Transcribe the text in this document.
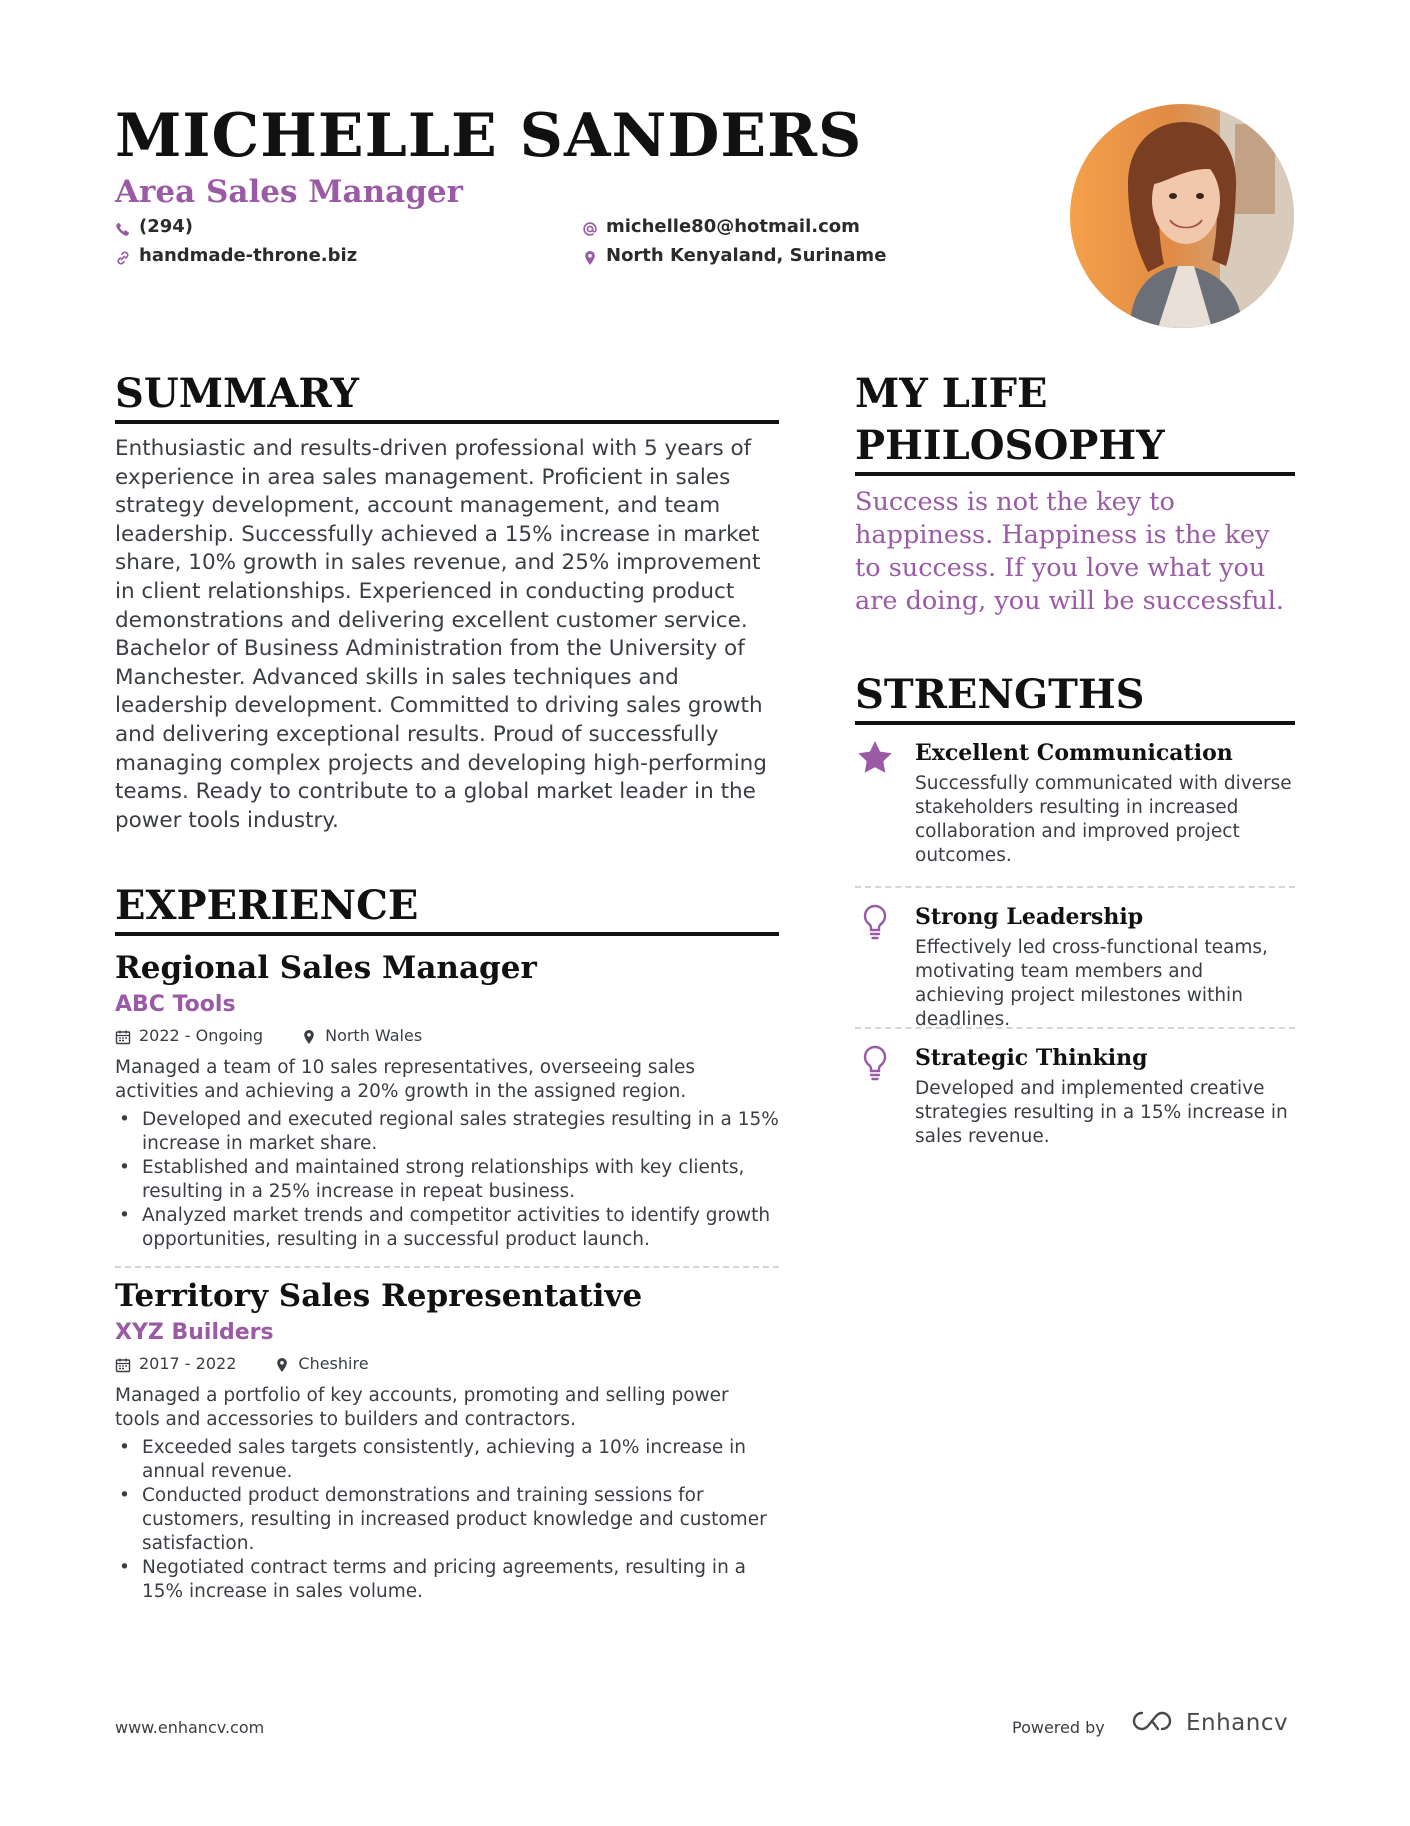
MICHELLE SANDERS
Area Sales Manager
(294)
handmade-throne.biz
michelle80@hotmail.com
North Kenyaland, Suriname
SUMMARY

Enthusiastic and results-driven professional with 5 years of experience in area sales management. Proficient in sales strategy development, account management, and team leadership. Successfully achieved a 15% increase in market share, 10% growth in sales revenue, and 25% improvement in client relationships. Experienced in conducting product demonstrations and delivering excellent customer service. Bachelor of Business Administration from the University of Manchester. Advanced skills in sales techniques and leadership development. Committed to driving sales growth and delivering exceptional results. Proud of successfully managing complex projects and developing high-performing teams. Ready to contribute to a global market leader in the power tools industry.

EXPERIENCE
Regional Sales Manager
ABC Tools
2022 - Ongoing	North Wales

Managed a team of 10 sales representatives, overseeing sales activities and achieving a 20% growth in the assigned region.

• Developed and executed regional sales strategies resulting in a 15% increase in market share.
• Established and maintained strong relationships with key clients, resulting in a 25% increase in repeat business.
• Analyzed market trends and competitor activities to identify growth opportunities, resulting in a successful product launch.
Territory Sales Representative
XYZ Builders
2017 - 2022	Cheshire

Managed a portfolio of key accounts, promoting and selling power tools and accessories to builders and contractors.

• Exceeded sales targets consistently, achieving a 10% increase in annual revenue.
• Conducted product demonstrations and training sessions for customers, resulting in increased product knowledge and customer satisfaction.
• Negotiated contract terms and pricing agreements, resulting in a 15% increase in sales volume.
MY LIFE PHILOSOPHY

Success is not the key to happiness. Happiness is the key to success. If you love what you are doing, you will be successful.

STRENGTHS
Excellent Communication

Successfully communicated with diverse stakeholders resulting in increased collaboration and improved project outcomes.

Strong Leadership

Effectively led cross-functional teams, motivating team members and achieving project milestones within deadlines.

Strategic Thinking

Developed and implemented creative strategies resulting in a 15% increase in sales revenue.

www.enhancv.com	Powered by	Enhancv
